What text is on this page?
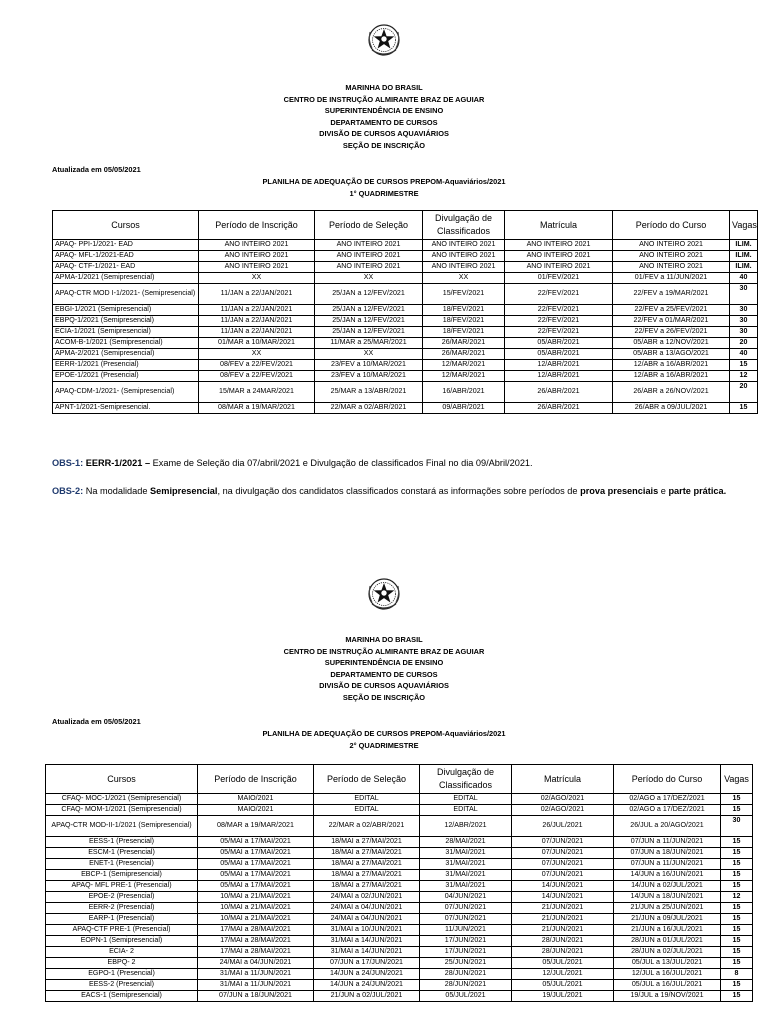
MARINHA DO BRASIL
CENTRO DE INSTRUÇÃO ALMIRANTE BRAZ DE AGUIAR
SUPERINTENDÊNCIA DE ENSINO
DEPARTAMENTO DE CURSOS
DIVISÃO DE CURSOS AQUAVIÁRIOS
SEÇÃO DE INSCRIÇÃO
Atualizada em 05/05/2021
PLANILHA DE ADEQUAÇÃO DE CURSOS PREPOM-Aquaviários/2021
1° QUADRIMESTRE
Cursos	Período de Inscrição	Período de Seleção	Divulgação de Classificados	Matrícula	Período do Curso	Vagas
APAQ- PPI-1/2021- EAD	ANO INTEIRO 2021	ANO INTEIRO 2021	ANO INTEIRO 2021	ANO INTEIRO 2021	ANO INTEIRO 2021	ILIM.
APAQ- MFL-1/2021-EAD	ANO INTEIRO 2021	ANO INTEIRO 2021	ANO INTEIRO 2021	ANO INTEIRO 2021	ANO INTEIRO 2021	ILIM.
APAQ- CTF-1/2021- EAD	ANO INTEIRO 2021	ANO INTEIRO 2021	ANO INTEIRO 2021	ANO INTEIRO 2021	ANO INTEIRO 2021	ILIM.
APMA-1/2021 (Semipresencial)	XX	XX	XX	01/FEV/2021	01/FEV a 11/JUN/2021	40
APAQ-CTR MOD I-1/2021- (Semipresencial)	11/JAN a 22/JAN/2021	25/JAN a 12/FEV/2021	15/FEV/2021	22/FEV/2021	22/FEV a 19/MAR/2021	30
EBGI-1/2021 (Semipresencial)	11/JAN a 22/JAN/2021	25/JAN a 12/FEV/2021	18/FEV/2021	22/FEV/2021	22/FEV a 25/FEV/2021	30
EBPQ-1/2021 (Semipresencial)	11/JAN a 22/JAN/2021	25/JAN a 12/FEV/2021	18/FEV/2021	22/FEV/2021	22/FEV a 01/MAR/2021	30
ECIA-1/2021 (Semipresencial)	11/JAN a 22/JAN/2021	25/JAN a 12/FEV/2021	18/FEV/2021	22/FEV/2021	22/FEV a 26/FEV/2021	30
ACOM-B-1/2021 (Semipresencial)	01/MAR a 10/MAR/2021	11/MAR a 25/MAR/2021	26/MAR/2021	05/ABR/2021	05/ABR a 12/NOV/2021	20
APMA-2/2021 (Semipresencial)	XX	XX	26/MAR/2021	05/ABR/2021	05/ABR a 13/AGO/2021	40
EERR-1/2021 (Presencial)	08/FEV a 22/FEV/2021	23/FEV a 10/MAR/2021	12/MAR/2021	12/ABR/2021	12/ABR a 16/ABR/2021	15
EPOE-1/2021 (Presencial)	08/FEV a 22/FEV/2021	23/FEV a 10/MAR/2021	12/MAR/2021	12/ABR/2021	12/ABR a 16/ABR/2021	12
APAQ-CDM-1/2021- (Semipresencial)	15/MAR a 24MAR/2021	25/MAR a 13/ABR/2021	16/ABR/2021	26/ABR/2021	26/ABR a 26/NOV/2021	20
APNT-1/2021-Semipresencial.	08/MAR a 19/MAR/2021	22/MAR a 02/ABR/2021	09/ABR/2021	26/ABR/2021	26/ABR a 09/JUL/2021	15
OBS-1: EERR-1/2021 – Exame de Seleção dia 07/abril/2021 e Divulgação de classificados Final no dia 09/Abril/2021.
OBS-2: Na modalidade Semipresencial, na divulgação dos candidatos classificados constará as informações sobre períodos de prova presenciais e parte prática.
MARINHA DO BRASIL
CENTRO DE INSTRUÇÃO ALMIRANTE BRAZ DE AGUIAR
SUPERINTENDÊNCIA DE ENSINO
DEPARTAMENTO DE CURSOS
DIVISÃO DE CURSOS AQUAVIÁRIOS
SEÇÃO DE INSCRIÇÃO
Atualizada em 05/05/2021
PLANILHA DE ADEQUAÇÃO DE CURSOS PREPOM-Aquaviários/2021
2° QUADRIMESTRE
Cursos	Período de Inscrição	Período de Seleção	Divulgação de Classificados	Matrícula	Período do Curso	Vagas
CFAQ- MOC-1/2021 (Semipresencial)	MAIO/2021	EDITAL	EDITAL	02/AGO/2021	02/AGO a 17/DEZ/2021	15
CFAQ- MOM-1/2021 (Semipresencial)	MAIO/2021	EDITAL	EDITAL	02/AGO/2021	02/AGO a 17/DEZ/2021	15
APAQ-CTR MOD-II-1/2021 (Semipresencial)	08/MAR a 19/MAR/2021	22/MAR a 02/ABR/2021	12/ABR/2021	26/JUL/2021	26/JUL a 20/AGO/2021	30
EESS-1 (Presencial)	05/MAI a 17/MAI/2021	18/MAI a 27/MAI/2021	28/MAI/2021	07/JUN/2021	07/JUN a 11/JUN/2021	15
ESCM-1 (Presencial)	05/MAI a 17/MAI/2021	18/MAI a 27/MAI/2021	31/MAI/2021	07/JUN/2021	07/JUN a 18/JUN/2021	15
ENET-1 (Presencial)	05/MAI a 17/MAI/2021	18/MAI a 27/MAI/2021	31/MAI/2021	07/JUN/2021	07/JUN a 11/JUN/2021	15
EBCP-1 (Semipresencial)	05/MAI a 17/MAI/2021	18/MAI a 27/MAI/2021	31/MAI/2021	07/JUN/2021	14/JUN a 16/JUN/2021	15
APAQ- MFL PRE-1 (Presencial)	05/MAI a 17/MAI/2021	18/MAI a 27/MAI/2021	31/MAI/2021	14/JUN/2021	14/JUN a 02/JUL/2021	15
EPOE-2 (Presencial)	10/MAI a 21/MAI/2021	24/MAI a 02/JUN/2021	04/JUN/2021	14/JUN/2021	14/JUN a 18/JUN/2021	12
EERR-2 (Presencial)	10/MAI a 21/MAI/2021	24/MAI a 04/JUN/2021	07/JUN/2021	21/JUN/2021	21/JUN a 25/JUN/2021	15
EARP-1 (Presencial)	10/MAI a 21/MAI/2021	24/MAI a 04/JUN/2021	07/JUN/2021	21/JUN/2021	21/JUN a 09/JUL/2021	15
APAQ-CTF PRE-1 (Presencial)	17/MAI a 28/MAI/2021	31/MAI a 10/JUN/2021	11/JUN/2021	21/JUN/2021	21/JUN a 16/JUL/2021	15
EOPN-1 (Semipresencial)	17/MAI a 28/MAI/2021	31/MAI a 14/JUN/2021	17/JUN/2021	28/JUN/2021	28/JUN a 01/JUL/2021	15
ECIA- 2	17/MAI a 28/MAI/2021	31/MAI a 14/JUN/2021	17/JUN/2021	28/JUN/2021	28/JUN a 02/JUL/2021	15
EBPQ- 2	24/MAI a 04/JUN/2021	07/JUN a 17/JUN/2021	25/JUN/2021	05/JUL/2021	05/JUL a 13/JUL/2021	15
EGPO-1 (Presencial)	31/MAI a 11/JUN/2021	14/JUN a 24/JUN/2021	28/JUN/2021	12/JUL/2021	12/JUL a 16/JUL/2021	8
EESS-2 (Presencial)	31/MAI a 11/JUN/2021	14/JUN a 24/JUN/2021	28/JUN/2021	05/JUL/2021	05/JUL a 16/JUL/2021	15
EACS-1 (Semipresencial)	07/JUN a 18/JUN/2021	21/JUN a 02/JUL/2021	05/JUL/2021	19/JUL/2021	19/JUL a 19/NOV/2021	15
